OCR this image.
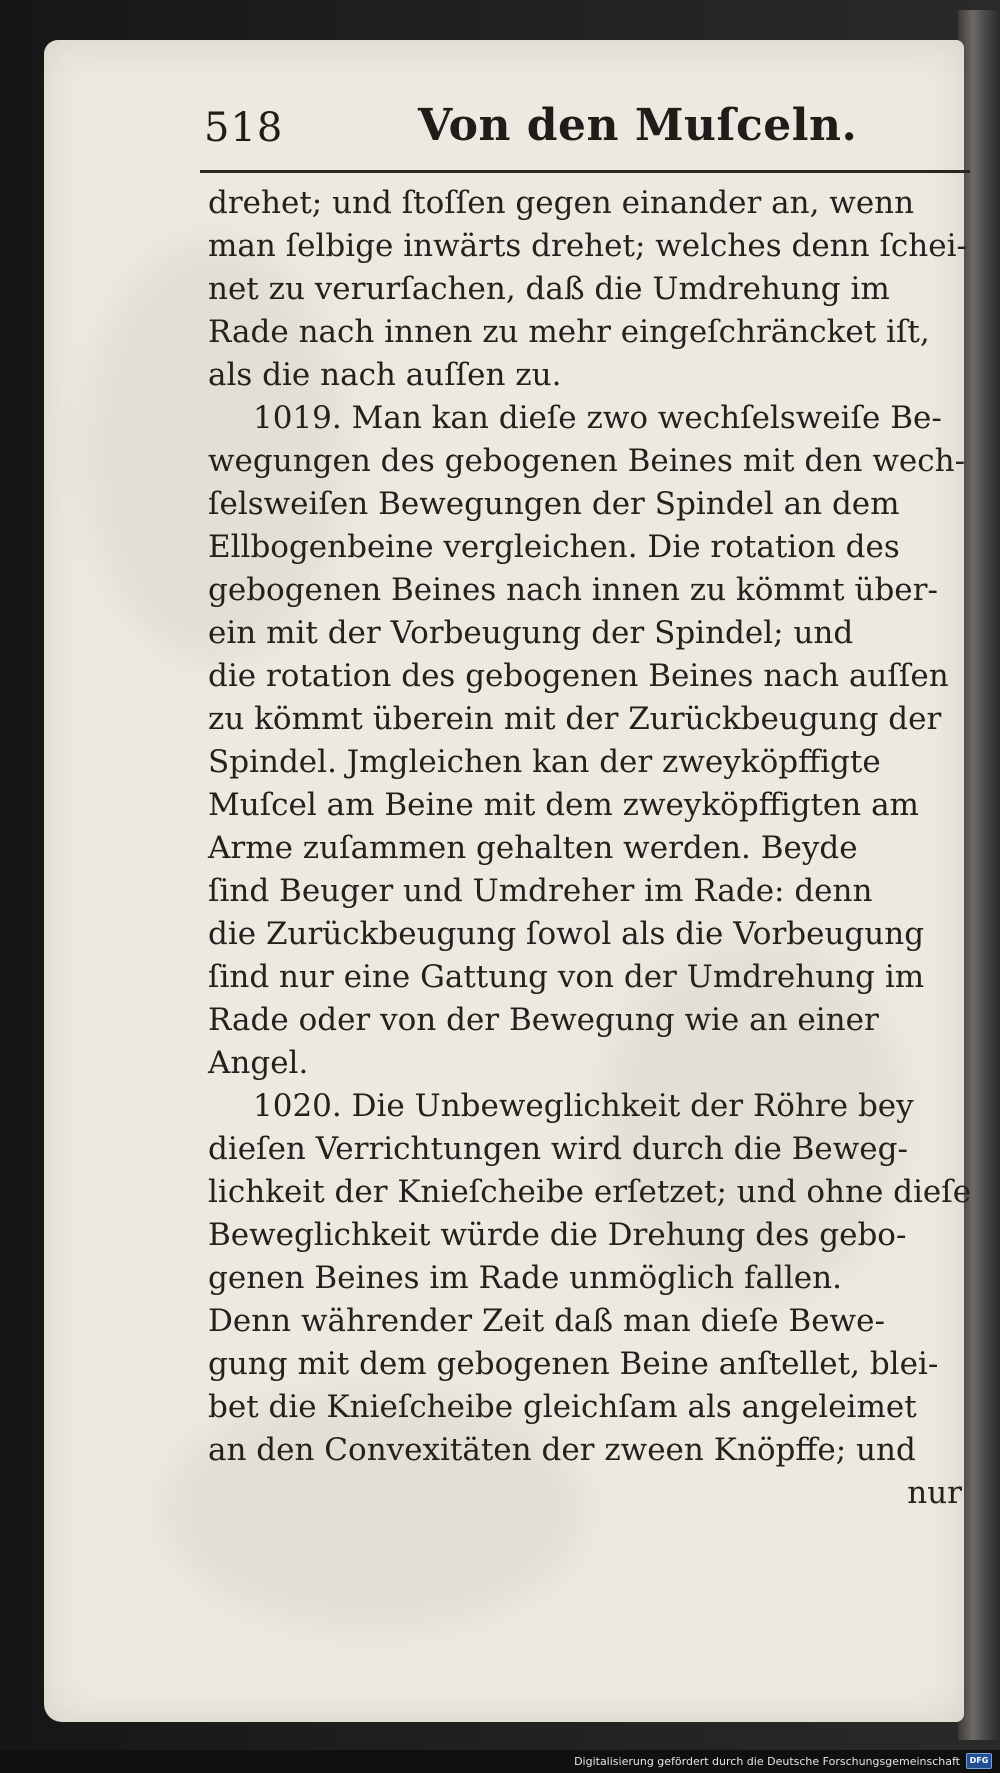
518	Von den Muſceln.
drehet; und ſtoſſen gegen einander an, wenn
man ſelbige inwärts drehet; welches denn ſchei-
net zu verurſachen, daß die Umdrehung im
Rade nach innen zu mehr eingeſchräncket iſt,
als die nach auſſen zu.
1019. Man kan dieſe zwo wechſelsweiſe Be-
wegungen des gebogenen Beines mit den wech-
ſelsweiſen Bewegungen der Spindel an dem
Ellbogenbeine vergleichen. Die rotation des
gebogenen Beines nach innen zu kömmt über-
ein mit der Vorbeugung der Spindel; und
die rotation des gebogenen Beines nach auſſen
zu kömmt überein mit der Zurückbeugung der
Spindel. Jmgleichen kan der zweyköpffigte
Muſcel am Beine mit dem zweyköpffigten am
Arme zuſammen gehalten werden. Beyde
ſind Beuger und Umdreher im Rade: denn
die Zurückbeugung ſowol als die Vorbeugung
ſind nur eine Gattung von der Umdrehung im
Rade oder von der Bewegung wie an einer
Angel.
1020. Die Unbeweglichkeit der Röhre bey
dieſen Verrichtungen wird durch die Beweg-
lichkeit der Knieſcheibe erſetzet; und ohne dieſe
Beweglichkeit würde die Drehung des gebo-
genen Beines im Rade unmöglich fallen.
Denn währender Zeit daß man dieſe Bewe-
gung mit dem gebogenen Beine anſtellet, blei-
bet die Knieſcheibe gleichſam als angeleimet
an den Convexitäten der zween Knöpffe; und
nur
Digitalisierung gefördert durch die Deutsche Forschungsgemeinschaft	DFG
